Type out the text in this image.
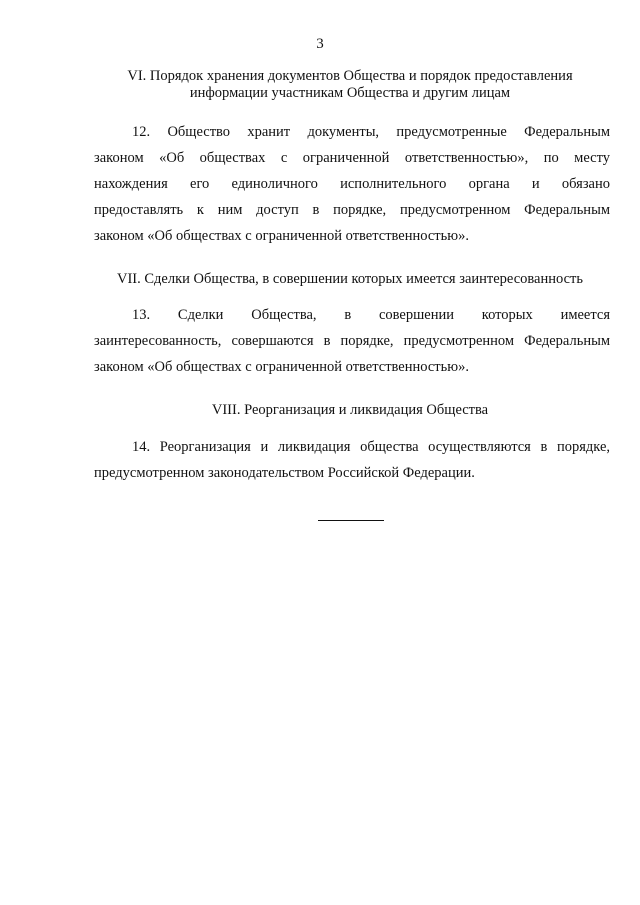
3
VI. Порядок хранения документов Общества и порядок предоставления
информации участникам Общества и другим лицам
12. Общество хранит документы, предусмотренные Федеральным
законом «Об обществах с ограниченной ответственностью», по месту
нахождения его единоличного исполнительного органа и обязано
предоставлять к ним доступ в порядке, предусмотренном Федеральным
законом «Об обществах с ограниченной ответственностью».
VII. Сделки Общества, в совершении которых имеется заинтересованность
13. Сделки Общества, в совершении которых имеется
заинтересованность, совершаются в порядке, предусмотренном Федеральным
законом «Об обществах с ограниченной ответственностью».
VIII. Реорганизация и ликвидация Общества
14. Реорганизация и ликвидация общества осуществляются в порядке,
предусмотренном законодательством Российской Федерации.
